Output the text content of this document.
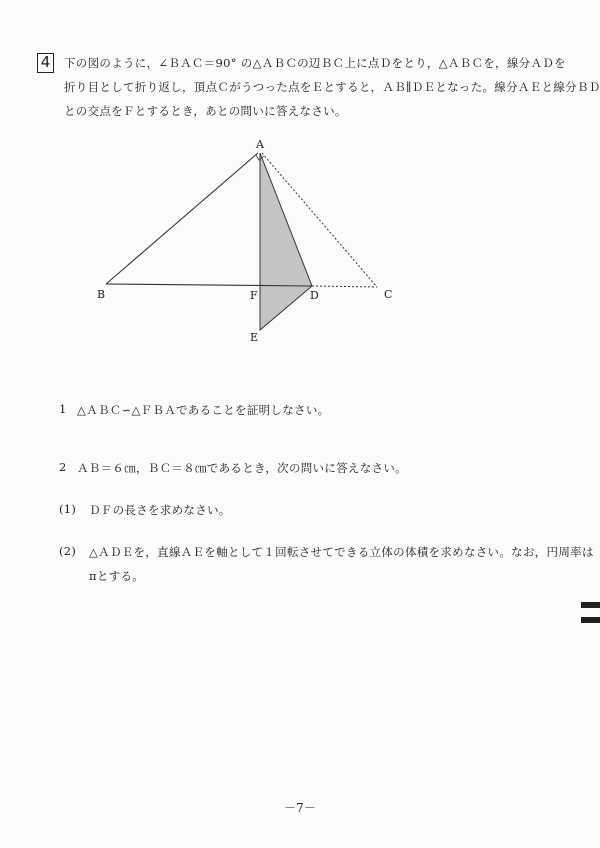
4	下の図のように，∠ＢＡＣ＝90° の△ＡＢＣの辺ＢＣ上に点Ｄをとり，△ＡＢＣを，線分ＡＤを
折り目として折り返し，頂点Ｃがうつった点をＥとすると，ＡＢ∥ＤＥとなった。線分ＡＥと線分ＢＤ
との交点をＦとするとき，あとの問いに答えなさい。
A
B	C
D
E
F
1 △ＡＢＣ∽△ＦＢＡであることを証明しなさい。
2 ＡＢ＝６㎝，ＢＣ＝８㎝であるとき，次の問いに答えなさい。
(1) ＤＦの長さを求めなさい。
(2) △ＡＤＥを，直線ＡＥを軸として１回転させてできる立体の体積を求めなさい。なお，円周率は
πとする。
－7－
